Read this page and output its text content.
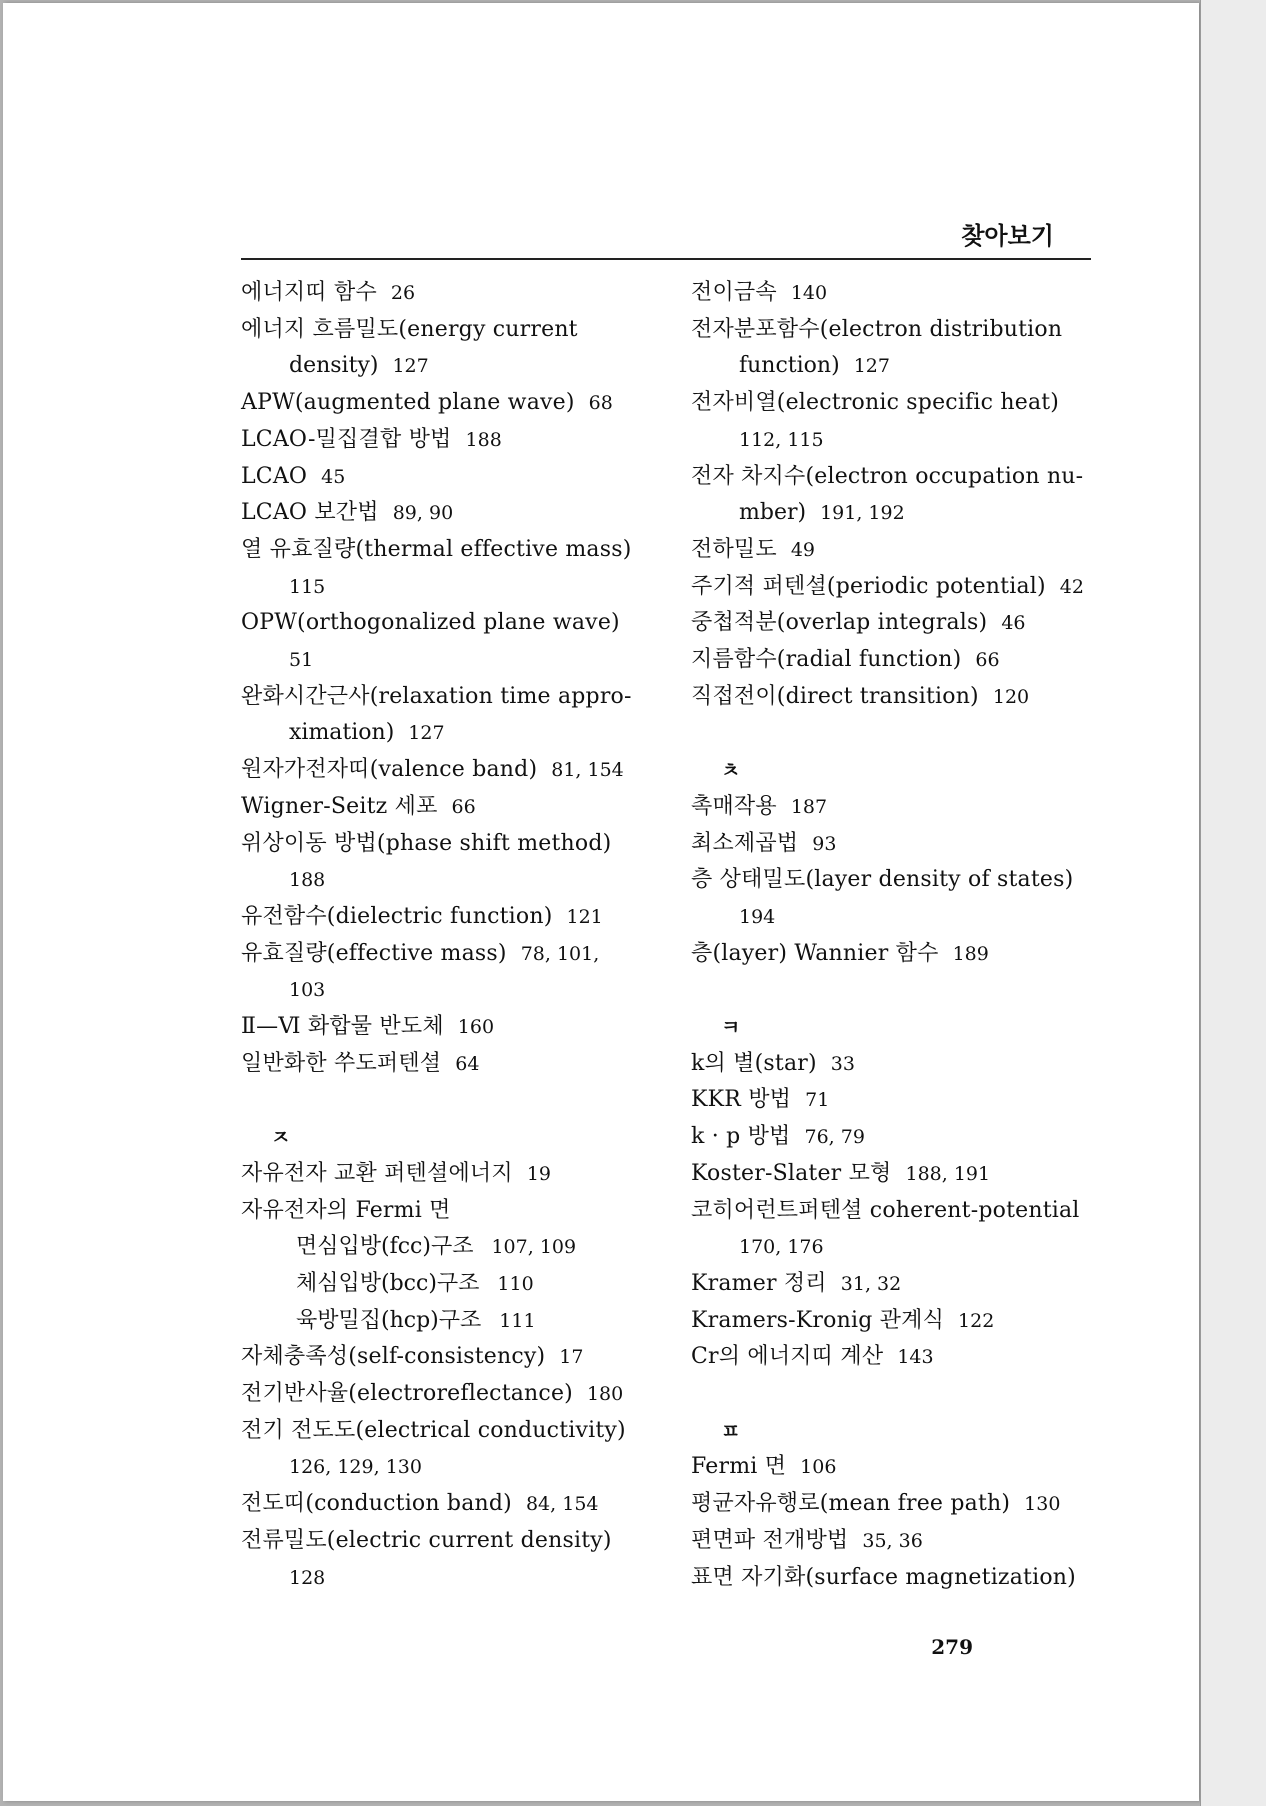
찾아보기
에너지띠 함수 26
에너지 흐름밀도(energy current
density) 127
APW(augmented plane wave) 68
LCAO-밀집결합 방법 188
LCAO 45
LCAO 보간법 89, 90
열 유효질량(thermal effective mass)
115
OPW(orthogonalized plane wave)
51
완화시간근사(relaxation time appro-
ximation) 127
원자가전자띠(valence band) 81, 154
Wigner-Seitz 세포 66
위상이동 방법(phase shift method)
188
유전함수(dielectric function) 121
유효질량(effective mass) 78, 101,
103
Ⅱ—Ⅵ 화합물 반도체 160
일반화한 쑤도퍼텐셜 64
ㅈ
자유전자 교환 퍼텐셜에너지 19
자유전자의 Fermi 면
면심입방(fcc)구조 107, 109
체심입방(bcc)구조 110
육방밀집(hcp)구조 111
자체충족성(self-consistency) 17
전기반사율(electroreflectance) 180
전기 전도도(electrical conductivity)
126, 129, 130
전도띠(conduction band) 84, 154
전류밀도(electric current density)
128
전이금속 140
전자분포함수(electron distribution
function) 127
전자비열(electronic specific heat)
112, 115
전자 차지수(electron occupation nu-
mber) 191, 192
전하밀도 49
주기적 퍼텐셜(periodic potential) 42
중첩적분(overlap integrals) 46
지름함수(radial function) 66
직접전이(direct transition) 120
ㅊ
촉매작용 187
최소제곱법 93
층 상태밀도(layer density of states)
194
층(layer) Wannier 함수 189
ㅋ
k의 별(star) 33
KKR 방법 71
k · p 방법 76, 79
Koster-Slater 모형 188, 191
코히어런트퍼텐셜 coherent-potential
170, 176
Kramer 정리 31, 32
Kramers-Kronig 관계식 122
Cr의 에너지띠 계산 143
ㅍ
Fermi 면 106
평균자유행로(mean free path) 130
편면파 전개방법 35, 36
표면 자기화(surface magnetization)
279
